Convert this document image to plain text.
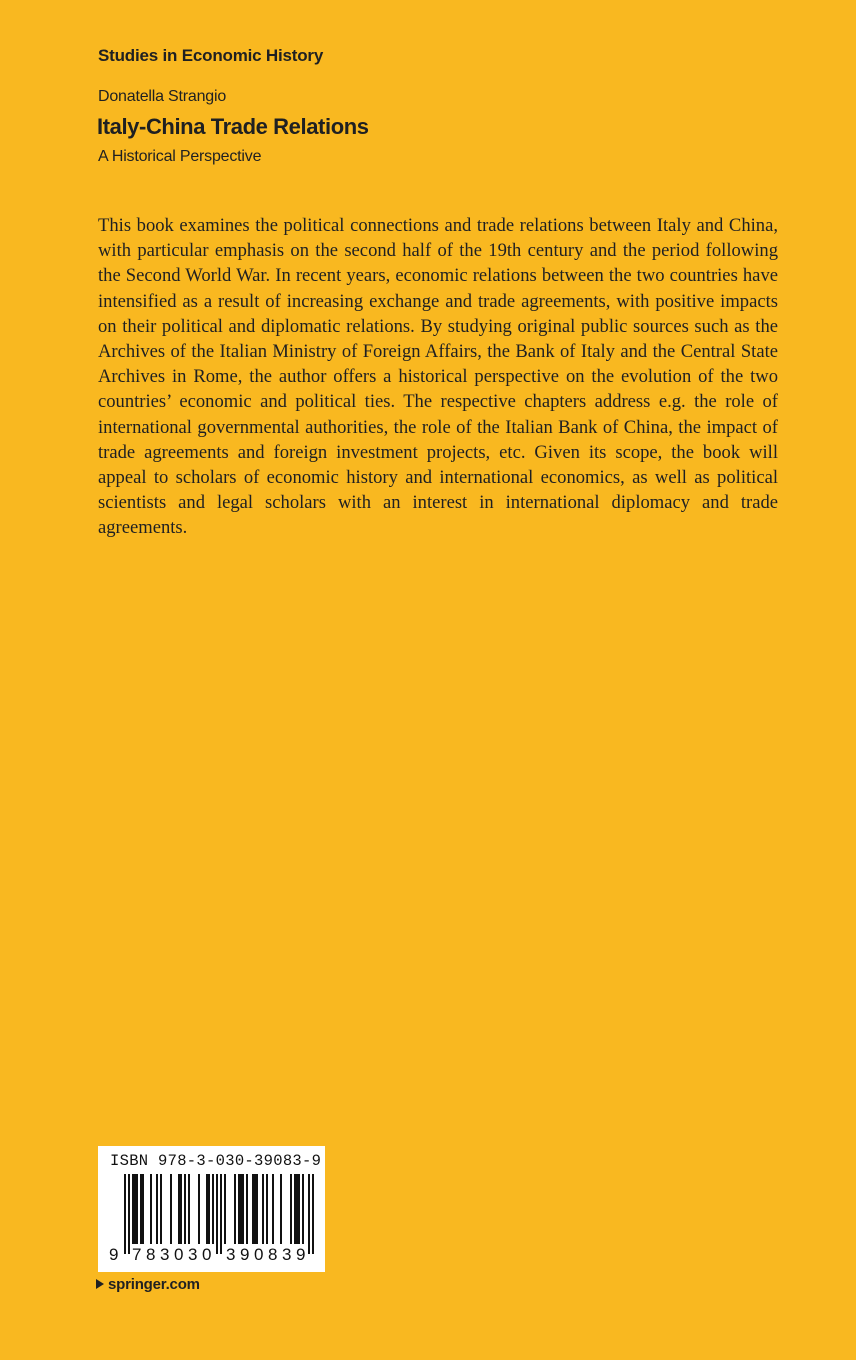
Studies in Economic History
Donatella Strangio
Italy-China Trade Relations
A Historical Perspective

This book examines the political connections and trade relations between Italy and China, with particular emphasis on the second half of the 19th century and the period following the Second World War. In recent years, economic relations between the two countries have intensified as a result of increasing exchange and trade agreements, with positive impacts on their political and diplomatic relations. By studying original public sources such as the Archives of the Italian Ministry of Foreign Affairs, the Bank of Italy and the Central State Archives in Rome, the author offers a historical perspective on the evolution of the two countries’ economic and political ties. The respective chapters address e.g. the role of international governmental authorities, the role of the Italian Bank of China, the impact of trade agreements and foreign investment projects, etc. Given its scope, the book will appeal to scholars of economic history and international economics, as well as political scientists and legal scholars with an interest in international diplomacy and trade agreements.

ISBN 978-3-030-39083-9
9 7 8 3 0 3 0 3 9 0 8 3 9
springer.com
